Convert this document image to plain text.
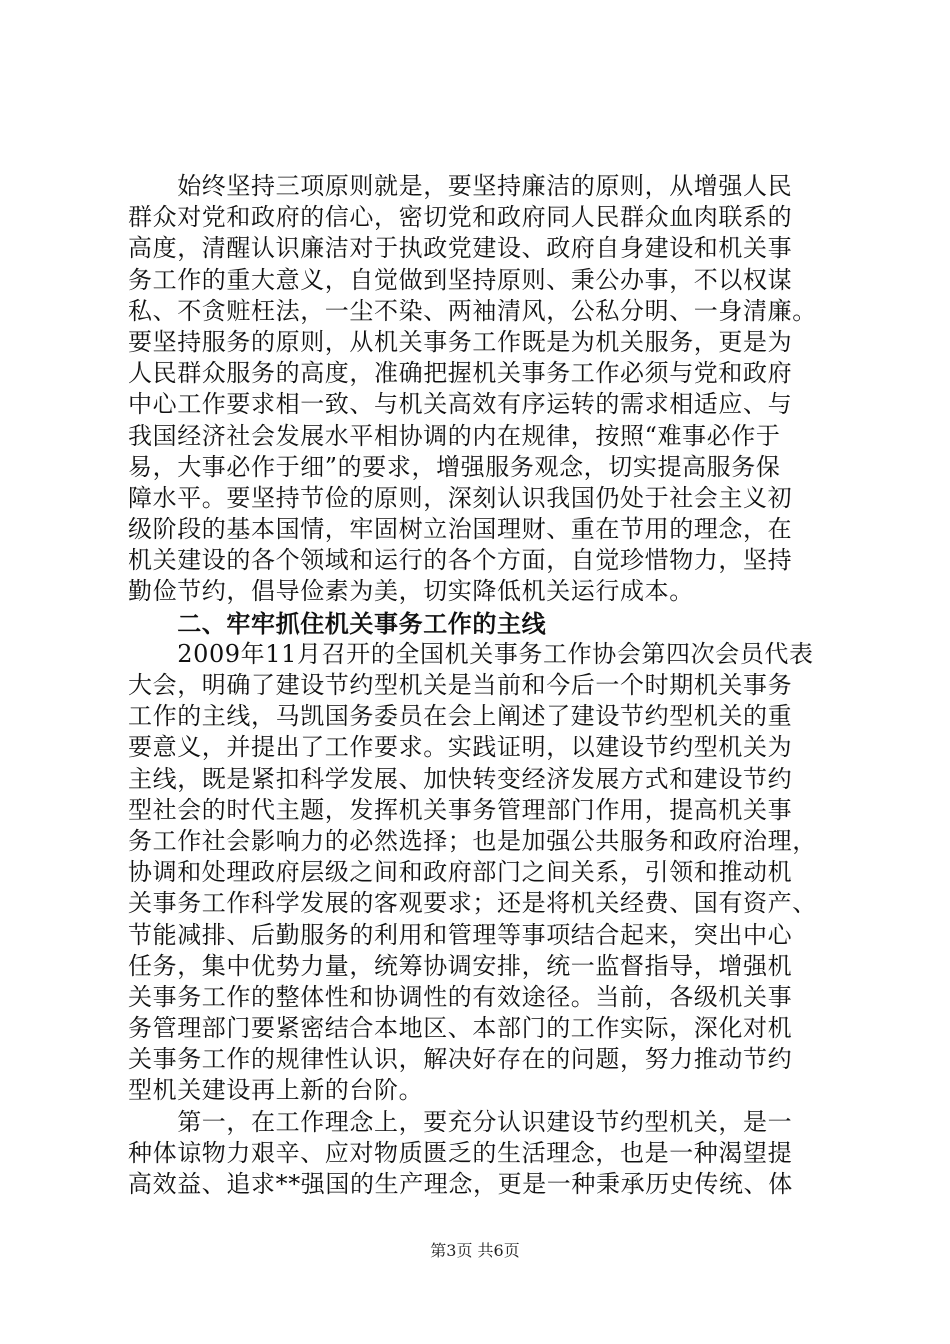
　　始终坚持三项原则就是，要坚持廉洁的原则，从增强人民
群众对党和政府的信心，密切党和政府同人民群众血肉联系的
高度，清醒认识廉洁对于执政党建设、政府自身建设和机关事
务工作的重大意义，自觉做到坚持原则、秉公办事，不以权谋
私、不贪赃枉法，一尘不染、两袖清风，公私分明、一身清廉。
要坚持服务的原则，从机关事务工作既是为机关服务，更是为
人民群众服务的高度，准确把握机关事务工作必须与党和政府
中心工作要求相一致、与机关高效有序运转的需求相适应、与
我国经济社会发展水平相协调的内在规律，按照“难事必作于
易，大事必作于细”的要求，增强服务观念，切实提高服务保
障水平。要坚持节俭的原则，深刻认识我国仍处于社会主义初
级阶段的基本国情，牢固树立治国理财、重在节用的理念，在
机关建设的各个领域和运行的各个方面，自觉珍惜物力，坚持
勤俭节约，倡导俭素为美，切实降低机关运行成本。
　　二、牢牢抓住机关事务工作的主线
　　2009年11月召开的全国机关事务工作协会第四次会员代表
大会，明确了建设节约型机关是当前和今后一个时期机关事务
工作的主线，马凯国务委员在会上阐述了建设节约型机关的重
要意义，并提出了工作要求。实践证明，以建设节约型机关为
主线，既是紧扣科学发展、加快转变经济发展方式和建设节约
型社会的时代主题，发挥机关事务管理部门作用，提高机关事
务工作社会影响力的必然选择；也是加强公共服务和政府治理，
协调和处理政府层级之间和政府部门之间关系，引领和推动机
关事务工作科学发展的客观要求；还是将机关经费、国有资产、
节能减排、后勤服务的利用和管理等事项结合起来，突出中心
任务，集中优势力量，统筹协调安排，统一监督指导，增强机
关事务工作的整体性和协调性的有效途径。当前，各级机关事
务管理部门要紧密结合本地区、本部门的工作实际，深化对机
关事务工作的规律性认识，解决好存在的问题，努力推动节约
型机关建设再上新的台阶。
　　第一，在工作理念上，要充分认识建设节约型机关，是一
种体谅物力艰辛、应对物质匮乏的生活理念，也是一种渴望提
高效益、追求**强国的生产理念，更是一种秉承历史传统、体
第3页 共6页
